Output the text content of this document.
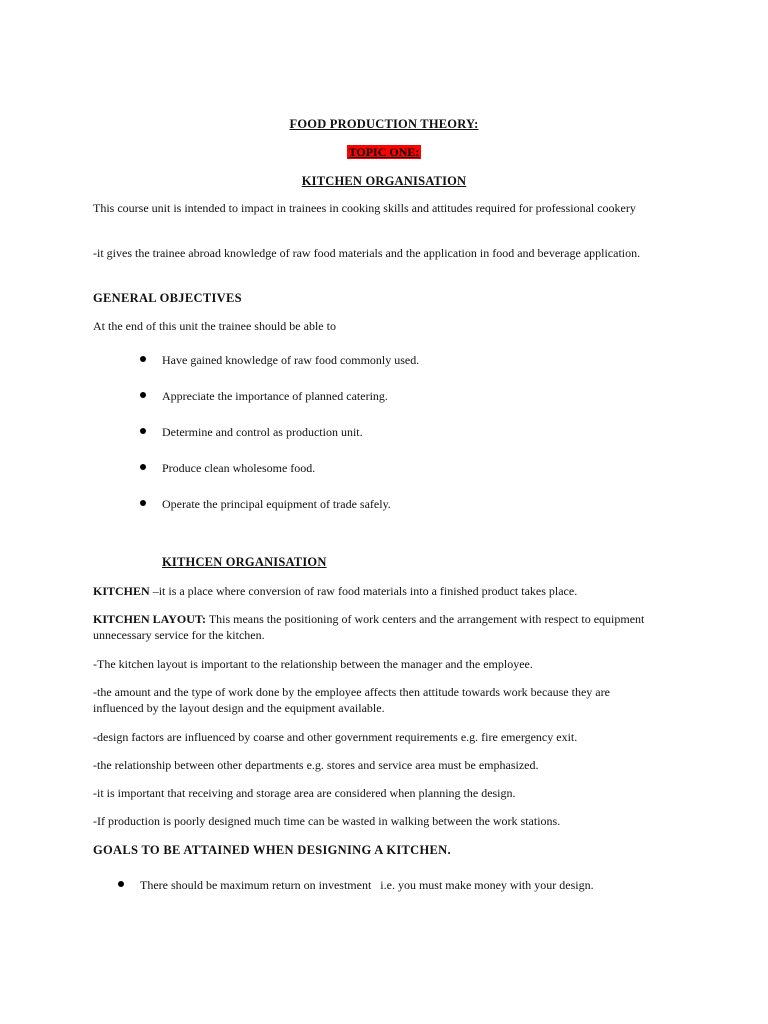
FOOD PRODUCTION THEORY:
TOPIC ONE:
KITCHEN ORGANISATION
This course unit is intended to impact in trainees in cooking skills and attitudes required for professional cookery
-it gives the trainee abroad knowledge of raw food materials and the application in food and beverage application.
GENERAL OBJECTIVES
At the end of this unit the trainee should be able to
Have gained knowledge of raw food commonly used.
Appreciate the importance of planned catering.
Determine and control as production unit.
Produce clean wholesome food.
Operate the principal equipment of trade safely.
KITHCEN ORGANISATION
KITCHEN –it is a place where conversion of raw food materials into a finished product takes place.
KITCHEN LAYOUT: This means the positioning of work centers and the arrangement with respect to equipment unnecessary service for the kitchen.
-The kitchen layout is important to the relationship between the manager and the employee.
-the amount and the type of work done by the employee affects then attitude towards work because they are influenced by the layout design and the equipment available.
-design factors are influenced by coarse and other government requirements e.g. fire emergency exit.
-the relationship between other departments e.g. stores and service area must be emphasized.
-it is important that receiving and storage area are considered when planning the design.
-If production is poorly designed much time can be wasted in walking between the work stations.
GOALS TO BE ATTAINED WHEN DESIGNING A KITCHEN.
There should be maximum return on investment   i.e. you must make money with your design.
